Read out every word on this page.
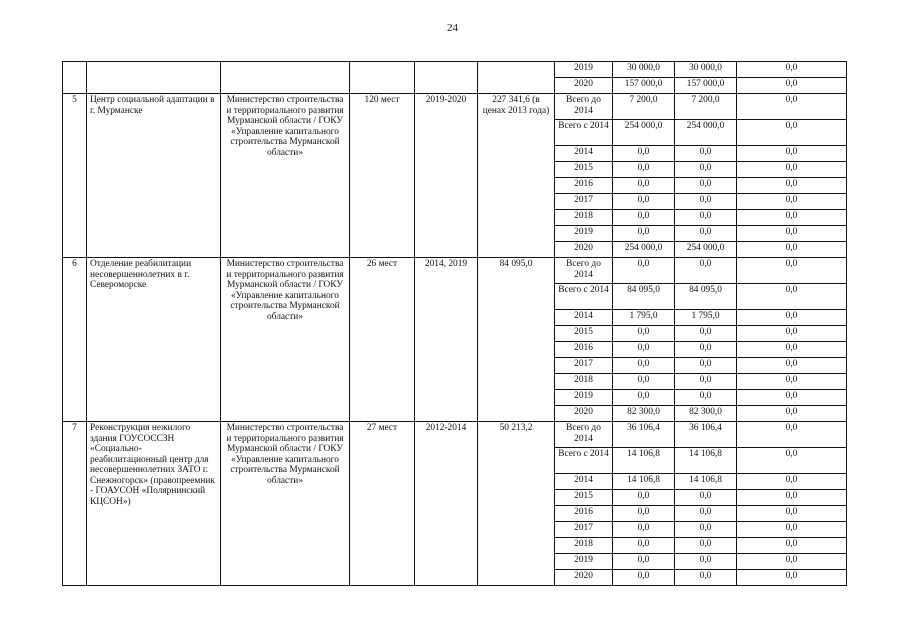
24
						2019	30 000,0	30 000,0	0,0
						2020	157 000,0	157 000,0	0,0
5	Центр социальной адаптации в г. Мурманске	Министерство строительства и территориального развития Мурманской области / ГОКУ «Управление капитального строительства Мурманской области»	120 мест	2019-2020	227 341,6 (в ценах 2013 года)	Всего до 2014	7 200,0	7 200,0	0,0
						Всего с 2014	254 000,0	254 000,0	0,0
						2014	0,0	0,0	0,0
						2015	0,0	0,0	0,0
						2016	0,0	0,0	0,0
						2017	0,0	0,0	0,0
						2018	0,0	0,0	0,0
						2019	0,0	0,0	0,0
						2020	254 000,0	254 000,0	0,0
6	Отделение реабилитации несовершеннолетних в г. Североморске	Министерство строительства и территориального развития Мурманской области / ГОКУ «Управление капитального строительства Мурманской области»	26 мест	2014, 2019	84 095,0	Всего до 2014	0,0	0,0	0,0
						Всего с 2014	84 095,0	84 095,0	0,0
						2014	1 795,0	1 795,0	0,0
						2015	0,0	0,0	0,0
						2016	0,0	0,0	0,0
						2017	0,0	0,0	0,0
						2018	0,0	0,0	0,0
						2019	0,0	0,0	0,0
						2020	82 300,0	82 300,0	0,0
7	Реконструкция нежилого здания ГОУСОССЗН «Социально-реабилитационный центр для несовершеннолетних ЗАТО г. Снежногорск» (правопреемник - ГОАУСОН «Полярнинский КЦСОН»)	Министерство строительства и территориального развития Мурманской области / ГОКУ «Управление капитального строительства Мурманской области»	27 мест	2012-2014	50 213,2	Всего до 2014	36 106,4	36 106,4	0,0
						Всего с 2014	14 106,8	14 106,8	0,0
						2014	14 106,8	14 106,8	0,0
						2015	0,0	0,0	0,0
						2016	0,0	0,0	0,0
						2017	0,0	0,0	0,0
						2018	0,0	0,0	0,0
						2019	0,0	0,0	0,0
						2020	0,0	0,0	0,0
